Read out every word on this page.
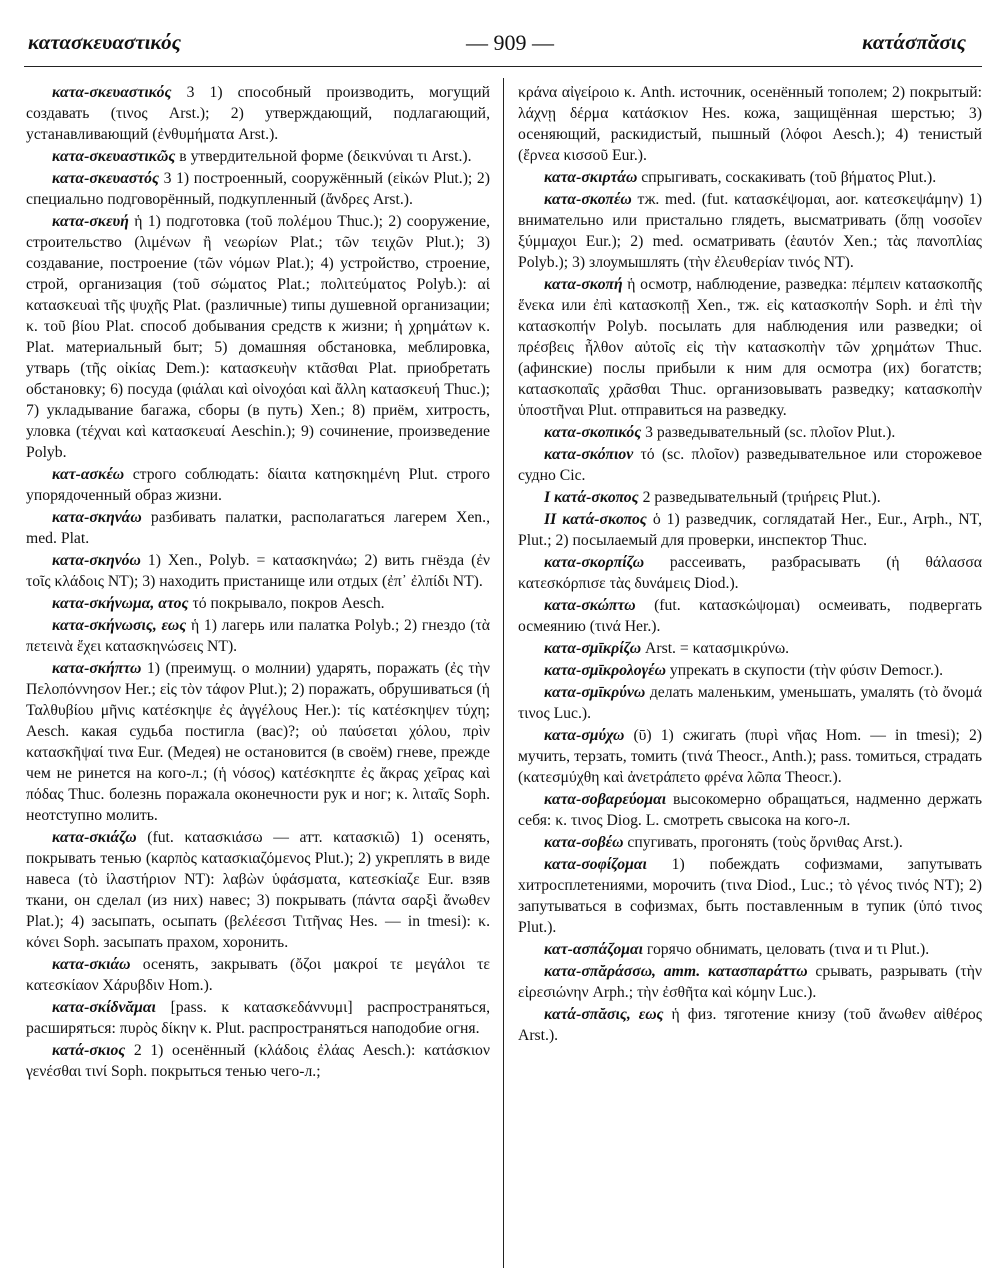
κατασκευαστικός	— 909 —	κατάσπᾰσις

κατα-σκευαστικός 3 1) способный производить, могущий создавать (τινος Arst.); 2) утверждающий, подлагающий, устанавливающий (ἐνθυμήματα Arst.).

κατα-σκευαστικῶς в утвердительной форме (δεικνύναι τι Arst.).

κατα-σκευαστός 3 1) построенный, сооружённый (εἰκών Plut.); 2) специально подговорённый, подкупленный (ἄνδρες Arst.).

κατα-σκευή ἡ 1) подготовка (τοῦ πολέμου Thuc.); 2) сооружение, строительство (λιμένων ἢ νεωρίων Plat.; τῶν τειχῶν Plut.); 3) создавание, построение (τῶν νόμων Plat.); 4) устройство, строение, строй, организация (τοῦ σώματος Plat.; πολιτεύματος Polyb.): αἱ κατασκευαὶ τῆς ψυχῆς Plat. (различные) типы душевной организации; κ. τοῦ βίου Plat. способ добывания средств к жизни; ἡ χρημάτων κ. Plat. материальный быт; 5) домашняя обстановка, меблировка, утварь (τῆς οἰκίας Dem.): κατασκευὴν κτᾶσθαι Plat. приобретать обстановку; 6) посуда (φιάλαι καὶ οἰνοχόαι καὶ ἄλλη κατασκευή Thuc.); 7) укладывание багажа, сборы (в путь) Xen.; 8) приём, хитрость, уловка (τέχναι καὶ κατασκευαί Aeschin.); 9) сочинение, произведение Polyb.

κατ-ασκέω строго соблюдать: δίαιτα κατησκημένη Plut. строго упорядоченный образ жизни.

κατα-σκηνάω разбивать палатки, располагаться лагерем Xen., med. Plat.

κατα-σκηνόω 1) Xen., Polyb. = κατασκηνάω; 2) вить гнёзда (ἐν τοῖς κλάδοις NT); 3) находить пристанище или отдых (ἐπ᾽ ἐλπίδι NT).

κατα-σκήνωμα, ατος τό покрывало, покров Aesch.

κατα-σκήνωσις, εως ἡ 1) лагерь или палатка Polyb.; 2) гнездо (τὰ πετεινὰ ἔχει κατασκηνώσεις NT).

κατα-σκήπτω 1) (преимущ. о молнии) ударять, поражать (ἐς τὴν Πελοπόννησον Her.; εἰς τὸν τάφον Plut.); 2) поражать, обрушиваться (ἡ Ταλθυβίου μῆνις κατέσκηψε ἐς ἀγγέλους Her.): τίς κατέσκηψεν τύχη; Aesch. какая судьба постигла (вас)?; οὐ παύσεται χόλου, πρὶν κατασκῆψαί τινα Eur. (Медея) не остановится (в своём) гневе, прежде чем не ринется на кого-л.; (ἡ νόσος) κατέσκηπτε ἐς ἄκρας χεῖρας καὶ πόδας Thuc. болезнь поражала оконечности рук и ног; κ. λιταῖς Soph. неотступно молить.

κατα-σκιάζω (fut. κατασκιάσω — атт. κατασκιῶ) 1) осенять, покрывать тенью (καρπὸς κατασκιαζόμενος Plut.); 2) укреплять в виде навеса (τὸ ἱλαστήριον NT): λαβὼν ὑφάσματα, κατεσκίαζε Eur. взяв ткани, он сделал (из них) навес; 3) покрывать (πάντα σαρξὶ ἄνωθεν Plat.); 4) засыпать, осыпать (βελέεσσι Τιτῆνας Hes. — in tmesi): κ. κόνει Soph. засыпать прахом, хоронить.

κατα-σκιάω осенять, закрывать (ὄζοι μακροί τε μεγάλοι τε κατεσκίαον Χάρυβδιν Hom.).

κατα-σκίδνᾰμαι [pass. к κατασκεδάννυμι] распространяться, расширяться: πυρὸς δίκην κ. Plut. распространяться наподобие огня.

κατά-σκιος 2 1) осенённый (κλάδοις ἐλάας Aesch.): κατάσκιον γενέσθαι τινί Soph. покрыться тенью чего-л.;

κράνα αἰγείροιο κ. Anth. источник, осенённый тополем; 2) покрытый: λάχνῃ δέρμα κατάσκιον Hes. кожа, защищённая шерстью; 3) осеняющий, раскидистый, пышный (λόφοι Aesch.); 4) тенистый (ἔρνεα κισσοῦ Eur.).

κατα-σκιρτάω спрыгивать, соскакивать (τοῦ βήματος Plut.).

κατα-σκοπέω тж. med. (fut. κατασκέψομαι, aor. κατεσκεψάμην) 1) внимательно или пристально глядеть, высматривать (ὅπῃ νοσοῖεν ξύμμαχοι Eur.); 2) med. осматривать (ἑαυτόν Xen.; τὰς πανοπλίας Polyb.); 3) злоумышлять (τὴν ἐλευθερίαν τινός NT).

κατα-σκοπή ἡ осмотр, наблюдение, разведка: πέμπειν κατασκοπῆς ἕνεκα или ἐπὶ κατασκοπῇ Xen., тж. εἰς κατασκοπήν Soph. и ἐπὶ τὴν κατασκοπήν Polyb. посылать для наблюдения или разведки; οἱ πρέσβεις ἦλθον αὐτοῖς εἰς τὴν κατασκοπὴν τῶν χρημάτων Thuc. (афинские) послы прибыли к ним для осмотра (их) богатств; κατασκοπαῖς χρᾶσθαι Thuc. организовывать разведку; κατασκοπὴν ὑποστῆναι Plut. отправиться на разведку.

κατα-σκοπικός 3 разведывательный (sc. πλοῖον Plut.).

κατα-σκόπιον τό (sc. πλοῖον) разведывательное или сторожевое судно Cic.

I κατά-σκοπος 2 разведывательный (τριήρεις Plut.).

II κατά-σκοπος ὁ 1) разведчик, соглядатай Her., Eur., Arph., NT, Plut.; 2) посылаемый для проверки, инспектор Thuc.

κατα-σκορπίζω рассеивать, разбрасывать (ἡ θάλασσα κατεσκόρπισε τὰς δυνάμεις Diod.).

κατα-σκώπτω (fut. κατασκώψομαι) осмеивать, подвергать осмеянию (τινά Her.).

κατα-σμῑκρίζω Arst. = κατασμικρύνω.

κατα-σμῑκρολογέω упрекать в скупости (τὴν φύσιν Democr.).

κατα-σμῑκρύνω делать маленьким, уменьшать, умалять (τὸ ὄνομά τινος Luc.).

κατα-σμύχω (ῡ) 1) сжигать (πυρὶ νῆας Hom. — in tmesi); 2) мучить, терзать, томить (τινά Theocr., Anth.); pass. томиться, страдать (κατεσμύχθη καὶ ἀνετράπετο φρένα λῶπα Theocr.).

κατα-σοβαρεύομαι высокомерно обращаться, надменно держать себя: κ. τινος Diog. L. смотреть свысока на кого-л.

κατα-σοβέω спугивать, прогонять (τοὺς ὄρνιθας Arst.).

κατα-σοφίζομαι 1) побеждать софизмами, запутывать хитросплетениями, морочить (τινα Diod., Luc.; τὸ γένος τινός NT); 2) запутываться в софизмах, быть поставленным в тупик (ὑπό τινος Plut.).

κατ-ασπάζομαι горячо обнимать, целовать (τινα и τι Plut.).

κατα-σπᾰράσσω, атт. κατασπαράττω срывать, разрывать (τὴν εἰρεσιώνην Arph.; τὴν ἐσθῆτα καὶ κόμην Luc.).

κατά-σπᾰσις, εως ἡ физ. тяготение книзу (τοῦ ἄνωθεν αἰθέρος Arst.).
